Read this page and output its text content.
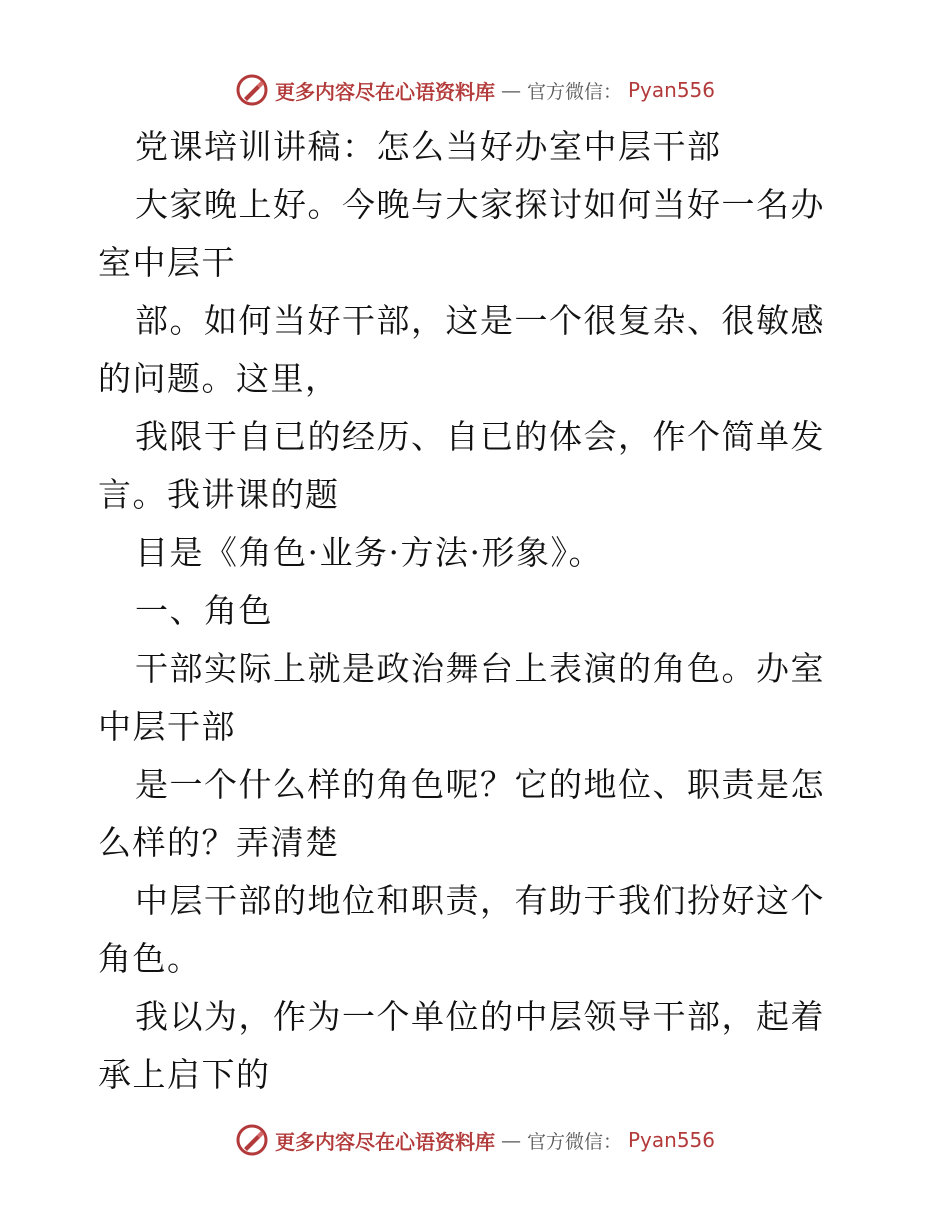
更多内容尽在心语资料库 — 官方微信： Pyan556

党课培训讲稿：怎么当好办室中层干部

大家晚上好。今晚与大家探讨如何当好一名办室中层干

部。如何当好干部，这是一个很复杂、很敏感的问题。这里，

我限于自已的经历、自已的体会，作个简单发言。我讲课的题

目是《角色·业务·方法·形象》。

一、角色

干部实际上就是政治舞台上表演的角色。办室中层干部

是一个什么样的角色呢？它的地位、职责是怎么样的？弄清楚

中层干部的地位和职责，有助于我们扮好这个角色。

我以为，作为一个单位的中层领导干部，起着承上启下的

更多内容尽在心语资料库 — 官方微信： Pyan556
